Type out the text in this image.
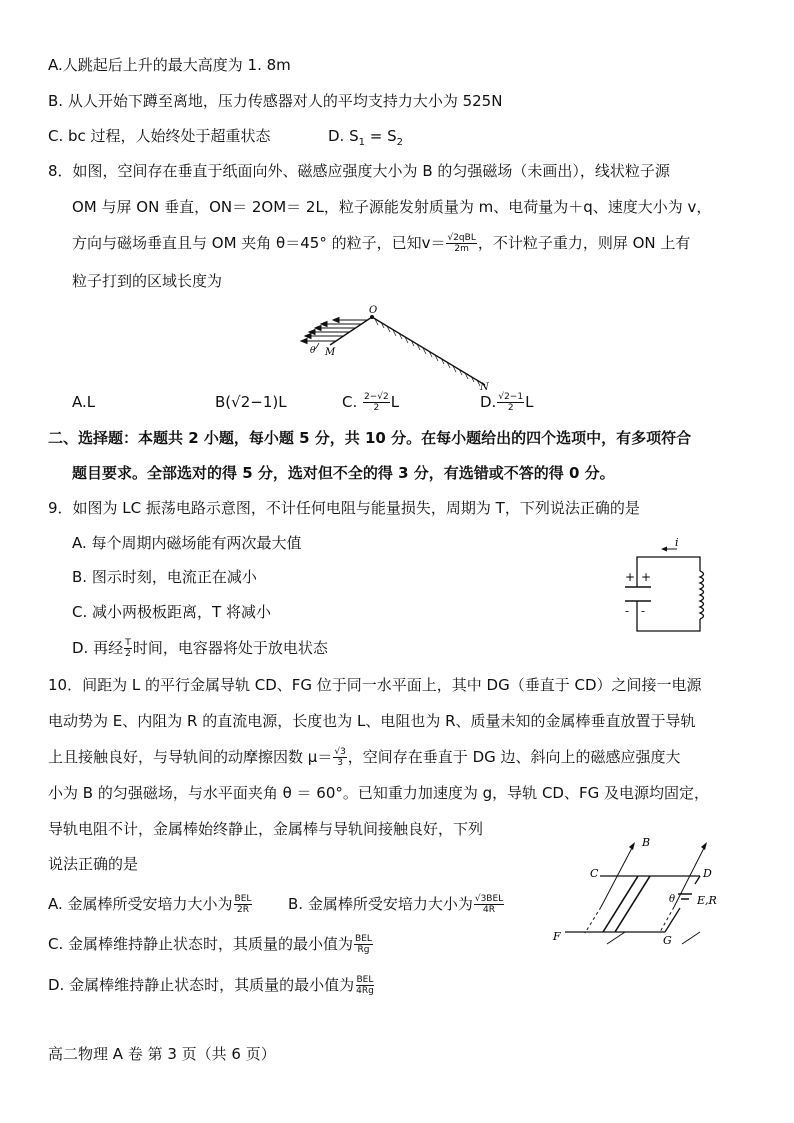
A.人跳起后上升的最大高度为 1. 8m
B. 从人开始下蹲至离地，压力传感器对人的平均支持力大小为 525N
C. bc 过程，人始终处于超重状态	D. $S_1 = S_2$
8．如图，空间存在垂直于纸面向外、磁感应强度大小为 B 的匀强磁场（未画出），线状粒子源
OM 与屏 ON 垂直，ON＝ 2OM＝ 2L，粒子源能发射质量为 m、电荷量为＋q、速度大小为 v，
方向与磁场垂直且与 OM 夹角 θ＝45° 的粒子，已知$v= \frac{\text{√2qBL}}{2m}$ ，不计粒子重力，则屏 ON 上有
粒子打到的区域长度为
O
M
θ
N
A.L	B(√2−1)L	C. $\frac{2-√2}{2}$ L	D. $\frac{√2-1}{2}$ L
二、选择题：本题共 2 小题，每小题 5 分，共 10 分。在每小题给出的四个选项中，有多项符合
题目要求。全部选对的得 5 分，选对但不全的得 3 分，有选错或不答的得 0 分。
9．如图为 LC 振荡电路示意图，不计任何电阻与能量损失，周期为 T，下列说法正确的是
A. 每个周期内磁场能有两次最大值
B. 图示时刻，电流正在减小
C. 减小两极板距离，T 将减小
D. 再经 $\frac{T}{2}$ 时间，电容器将处于放电状态
i
+ +
- -
10．间距为 L 的平行金属导轨 CD、FG 位于同一水平面上，其中 DG（垂直于 CD）之间接一电源
电动势为 E、内阻为 R 的直流电源，长度也为 L、电阻也为 R、质量未知的金属棒垂直放置于导轨
上且接触良好，与导轨间的动摩擦因数 $\mu= \frac{√3}{3}$ ，空间存在垂直于 DG 边、斜向上的磁感应强度大
小为 B 的匀强磁场，与水平面夹角 θ ＝ 60°。已知重力加速度为 g，导轨 CD、FG 及电源均固定，
导轨电阻不计，金属棒始终静止，金属棒与导轨间接触良好，下列
说法正确的是
A. 金属棒所受安培力大小为 $\frac{\text{BEL}}{2R} B$. 金属棒所受安培力大小为 $\frac{\text{√3BEL}}{4R}$
C. 金属棒维持静止状态时，其质量的最小值为 $\frac{\text{BEL}}{Rg}$
D. 金属棒维持静止状态时，其质量的最小值为 $\frac{\text{BEL}}{4Rg}$
B
C	D
F	G
E,R
θ
高二物理 A 卷 第 3 页（共 6 页）
